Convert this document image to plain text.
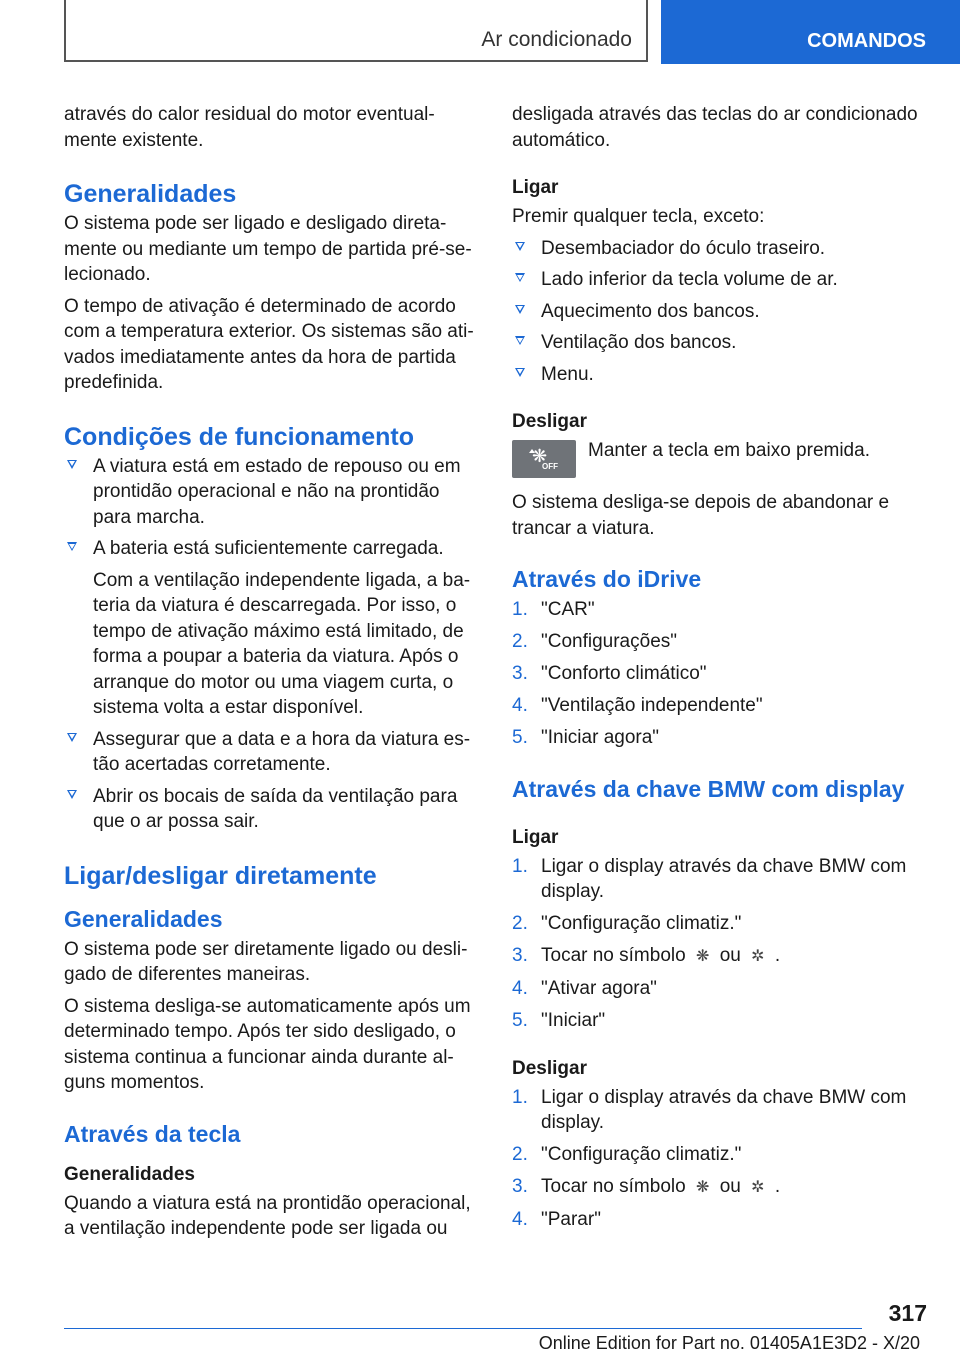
Ar condicionado	COMANDOS

através do calor residual do motor eventual-mente existente.

Generalidades

O sistema pode ser ligado e desligado direta-mente ou mediante um tempo de partida pré-se-lecionado.

O tempo de ativação é determinado de acordo com a temperatura exterior. Os sistemas são ati-vados imediatamente antes da hora de partida predefinida.

Condições de funcionamento
A viatura está em estado de repouso ou em prontidão operacional e não na prontidão para marcha.
A bateria está suficientemente carregada.
Com a ventilação independente ligada, a ba-teria da viatura é descarregada. Por isso, o tempo de ativação máximo está limitado, de forma a poupar a bateria da viatura. Após o arranque do motor ou uma viagem curta, o sistema volta a estar disponível.
Assegurar que a data e a hora da viatura es-tão acertadas corretamente.
Abrir os bocais de saída da ventilação para que o ar possa sair.
Ligar/desligar diretamente
Generalidades

O sistema pode ser diretamente ligado ou desli-gado de diferentes maneiras.

O sistema desliga-se automaticamente após um determinado tempo. Após ter sido desligado, o sistema continua a funcionar ainda durante al-guns momentos.

Através da tecla
Generalidades

Quando a viatura está na prontidão operacional, a ventilação independente pode ser ligada ou

desligada através das teclas do ar condicionado automático.

Ligar

Premir qualquer tecla, exceto:

Desembaciador do óculo traseiro.
Lado inferior da tecla volume de ar.
Aquecimento dos bancos.
Ventilação dos bancos.
Menu.
Desligar
❋
OFF
Manter a tecla em baixo premida.

O sistema desliga-se depois de abandonar e trancar a viatura.

Através do iDrive
1. "CAR"
2. "Configurações"
3. "Conforto climático"
4. "Ventilação independente"
5. "Iniciar agora"
Através da chave BMW com display
Ligar
1. Ligar o display através da chave BMW com display.
2. "Configuração climatiz."
3. Tocar no símbolo ❋ ou ✲ .
4. "Ativar agora"
5. "Iniciar"
Desligar
1. Ligar o display através da chave BMW com display.
2. "Configuração climatiz."
3. Tocar no símbolo ❋ ou ✲ .
4. "Parar"
317
Online Edition for Part no. 01405A1E3D2 - X/20
